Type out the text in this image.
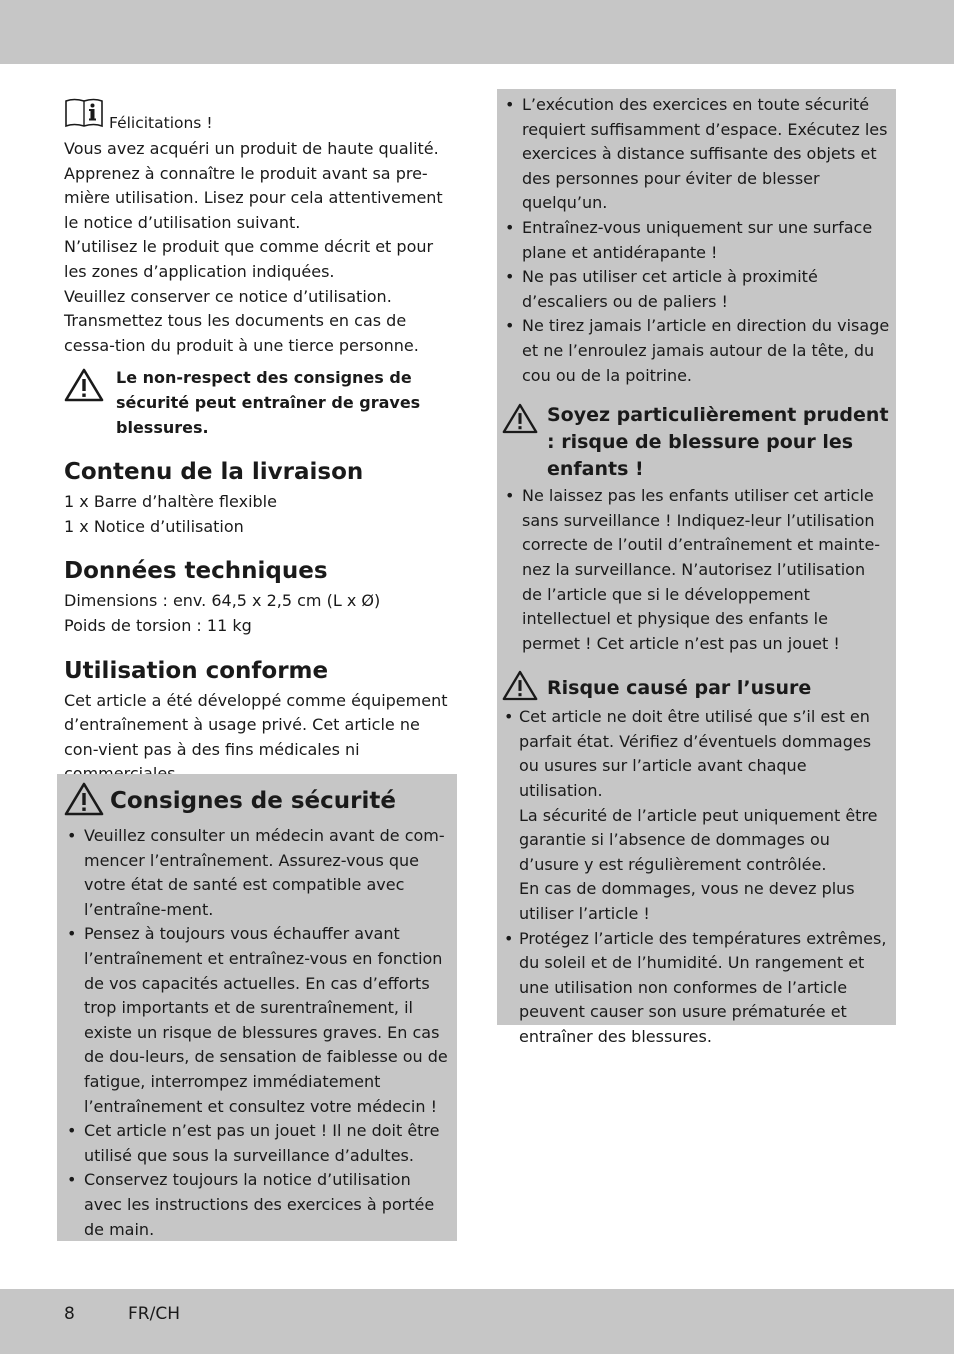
Félicitations !

Vous avez acquéri un produit de haute qualité. Apprenez à connaître le produit avant sa pre-mière utilisation. Lisez pour cela attentivement le notice d’utilisation suivant.

N’utilisez le produit que comme décrit et pour les zones d’application indiquées.

Veuillez conserver ce notice d’utilisation.

Transmettez tous les documents en cas de cessa-tion du produit à une tierce personne.

Le non-respect des consignes de sécurité peut entraîner de graves blessures.
Contenu de la livraison

1 x Barre d’haltère flexible

1 x Notice d’utilisation

Données techniques

Dimensions : env. 64,5 x 2,5 cm (L x Ø)

Poids de torsion : 11 kg

Utilisation conforme

Cet article a été développé comme équipement d’entraînement à usage privé. Cet article ne con-vient pas à des fins médicales ni

Consignes de sécurité
• Veuillez consulter un médecin avant de com-mencer l’entraînement. Assurez-vous que votre état de santé est compatible avec l’entraîne-ment.
• Pensez à toujours vous échauffer avant l’entraînement et entraînez-vous en fonction de vos capacités actuelles. En cas d’efforts trop importants et de surentraînement, il existe un risque de blessures graves. En cas de dou-leurs, de sensation de faiblesse ou de fatigue, interrompez immédiatement l’entraînement et consultez votre médecin !
• Cet article n’est pas un jouet ! Il ne doit être utilisé que sous la surveillance d’adultes.
• Conservez toujours la notice d’utilisation avec les instructions des exercices à portée de main.
• L’exécution des exercices en toute sécurité requiert suffisamment d’espace. Exécutez les exercices à distance suffisante des objets et des personnes pour éviter de blesser quelqu’un.
• Entraînez-vous uniquement sur une surface plane et antidérapante !
• Ne pas utiliser cet article à proximité d’escaliers ou de paliers !
• Ne tirez jamais l’article en direction du visage et ne l’enroulez jamais autour de la tête, du cou ou de la poitrine.
Soyez particulièrement prudent : risque de blessure pour les enfants !
• Ne laissez pas les enfants utiliser cet article sans surveillance ! Indiquez-leur l’utilisation correcte de l’outil d’entraînement et mainte-nez la surveillance. N’autorisez l’utilisation de l’article que si le développement intellectuel et physique des enfants le permet ! Cet article n’est pas un jouet !
Risque causé par l’usure
• Cet article ne doit être utilisé que s’il est en parfait état. Vérifiez d’éventuels dommages ou usures sur l’article avant chaque utilisation.
La sécurité de l’article peut uniquement être garantie si l’absence de dommages ou d’usure y est régulièrement contrôlée.
En cas de dommages, vous ne devez plus utiliser l’article !
• Protégez l’article des températures extrêmes, du soleil et de l’humidité. Un rangement et une utilisation non conformes de l’article peuvent causer son usure prématurée et entraîner des blessures.
8	FR/CH
